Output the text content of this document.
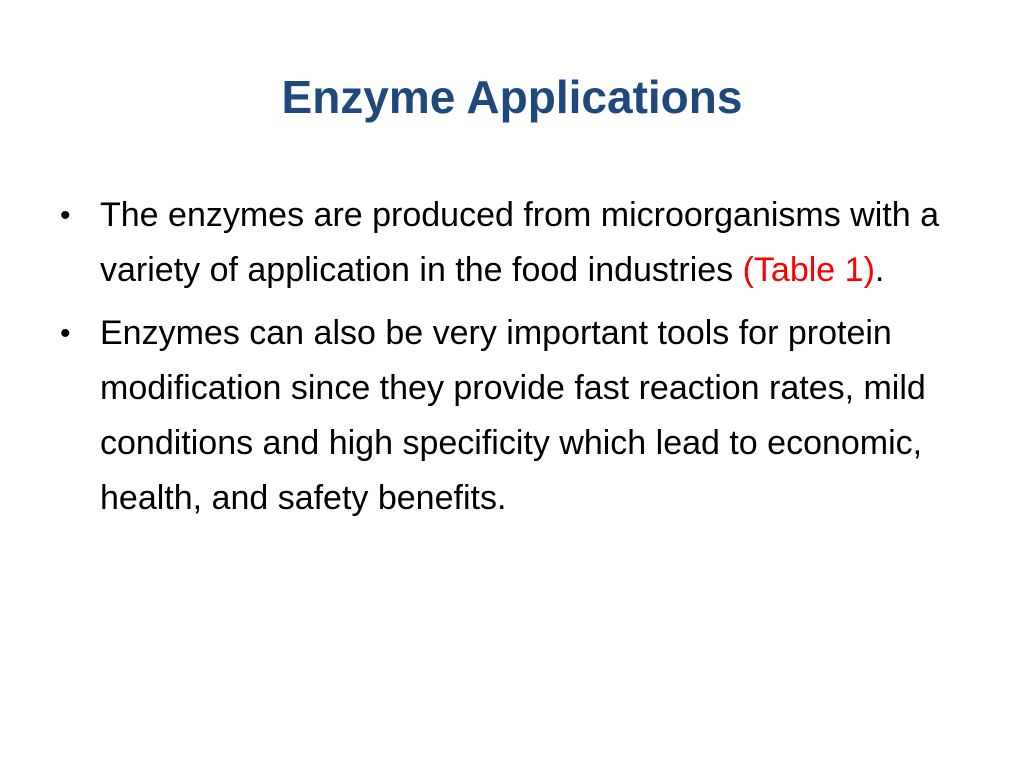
Enzyme Applications
• The enzymes are produced from microorganisms with a variety of application in the food industries (Table 1).
• Enzymes can also be very important tools for protein modification since they provide fast reaction rates, mild conditions and high specificity which lead to economic, health, and safety benefits.
